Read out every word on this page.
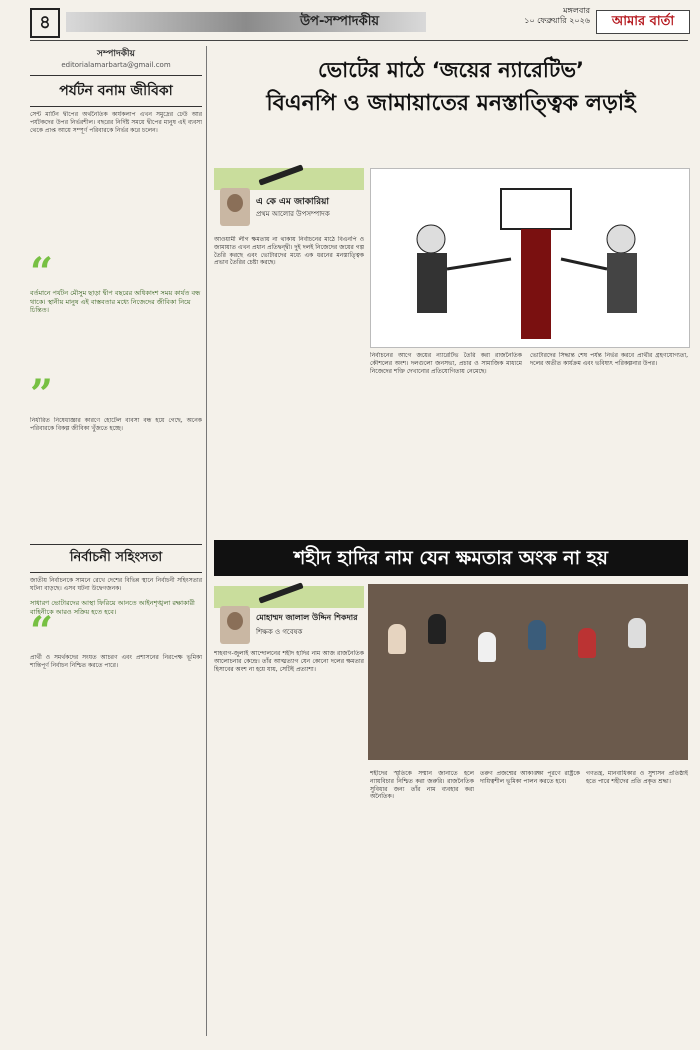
৪	উপ-সম্পাদকীয়
মঙ্গলবার
১০ ফেব্রুয়ারি ২০২৬	আমার বার্তা
সম্পাদকীয়
editorialamarbarta@gmail.com
পর্যটন বনাম জীবিকা
সেন্ট মার্টিন দ্বীপের অর্থনৈতিক কার্যকলাপ এখন সমুদ্রের ঢেউ আর পর্যটকদের উপর নির্ভরশীল। বছরের নির্দিষ্ট সময়ে দ্বীপের মানুষ এই ব্যবসা থেকে প্রাপ্ত আয়ে সম্পূর্ণ পরিবারকে নির্ভর করে চলেন।
“
বর্তমানে পর্যটন মৌসুম ছাড়া দ্বীপ বছরের অধিকাংশ সময় কার্যত বন্ধ থাকে। স্থানীয় মানুষ এই বাস্তবতার মধ্যে নিজেদের জীবিকা নিয়ে চিন্তিত।
”
নির্ধারিত নিষেধাজ্ঞার কারণে হোটেল ব্যবসা বন্ধ হয়ে গেছে, অনেক পরিবারকে বিকল্প জীবিকা খুঁজতে হচ্ছে।
নির্বাচনী সহিংসতা
জাতীয় নির্বাচনকে সামনে রেখে দেশের বিভিন্ন স্থানে নির্বাচনী সহিংসতার ঘটনা বাড়ছে। এসব ঘটনা উদ্বেগজনক।
সাধারণ ভোটারদের আস্থা ফিরিয়ে আনতে আইনশৃঙ্খলা রক্ষাকারী বাহিনীকে আরও সক্রিয় হতে হবে।
“
প্রার্থী ও সমর্থকদের সংযত আচরণ এবং প্রশাসনের নিরপেক্ষ ভূমিকা শান্তিপূর্ণ নির্বাচন নিশ্চিত করতে পারে।
ভোটের মাঠে ‘জয়ের ন্যারেটিভ’
বিএনপি ও জামায়াতের মনস্তাত্ত্বিক লড়াই
এ কে এম জাকারিয়া
প্রথম আলোর উপসম্পাদক
আওয়ামী লীগ ক্ষমতায় না থাকায় নির্বাচনের মাঠে বিএনপি ও জামায়াত এখন প্রধান প্রতিদ্বন্দ্বী। দুই দলই নিজেদের জয়ের গল্প তৈরি করছে এবং ভোটারদের মধ্যে এক ধরনের মনস্তাত্ত্বিক প্রভাব তৈরির চেষ্টা করছে।
নির্বাচনের আগে জয়ের ন্যারেটিভ তৈরি করা রাজনৈতিক কৌশলের অংশ। দলগুলো জনসভা, প্রচার ও সামাজিক মাধ্যমে নিজেদের শক্তি দেখানোর প্রতিযোগিতায় নেমেছে।
ভোটারদের সিদ্ধান্ত শেষ পর্যন্ত নির্ভর করবে প্রার্থীর গ্রহণযোগ্যতা, দলের অতীত কার্যক্রম এবং ভবিষ্যৎ পরিকল্পনার উপর।
শহীদ হাদির নাম যেন ক্ষমতার অংক না হয়
মোহাম্মদ জালাল উদ্দিন শিকদার
শিক্ষক ও গবেষক
শাহবাগ-জুলাই আন্দোলনের শহীদ হাদির নাম আজ রাজনৈতিক আলোচনার কেন্দ্রে। তাঁর আত্মত্যাগ যেন কোনো দলের ক্ষমতার হিসাবের অংশ না হয়ে যায়, সেটিই প্রত্যাশা।
শহীদের স্মৃতিকে সম্মান জানাতে হলে ন্যায়বিচার নিশ্চিত করা জরুরি। রাজনৈতিক সুবিধার জন্য তাঁর নাম ব্যবহার করা অনৈতিক।
তরুণ প্রজন্মের আকাঙ্ক্ষা পূরণে রাষ্ট্রকে দায়িত্বশীল ভূমিকা পালন করতে হবে।
গণতন্ত্র, মানবাধিকার ও সুশাসন প্রতিষ্ঠাই হতে পারে শহীদের প্রতি প্রকৃত শ্রদ্ধা।
